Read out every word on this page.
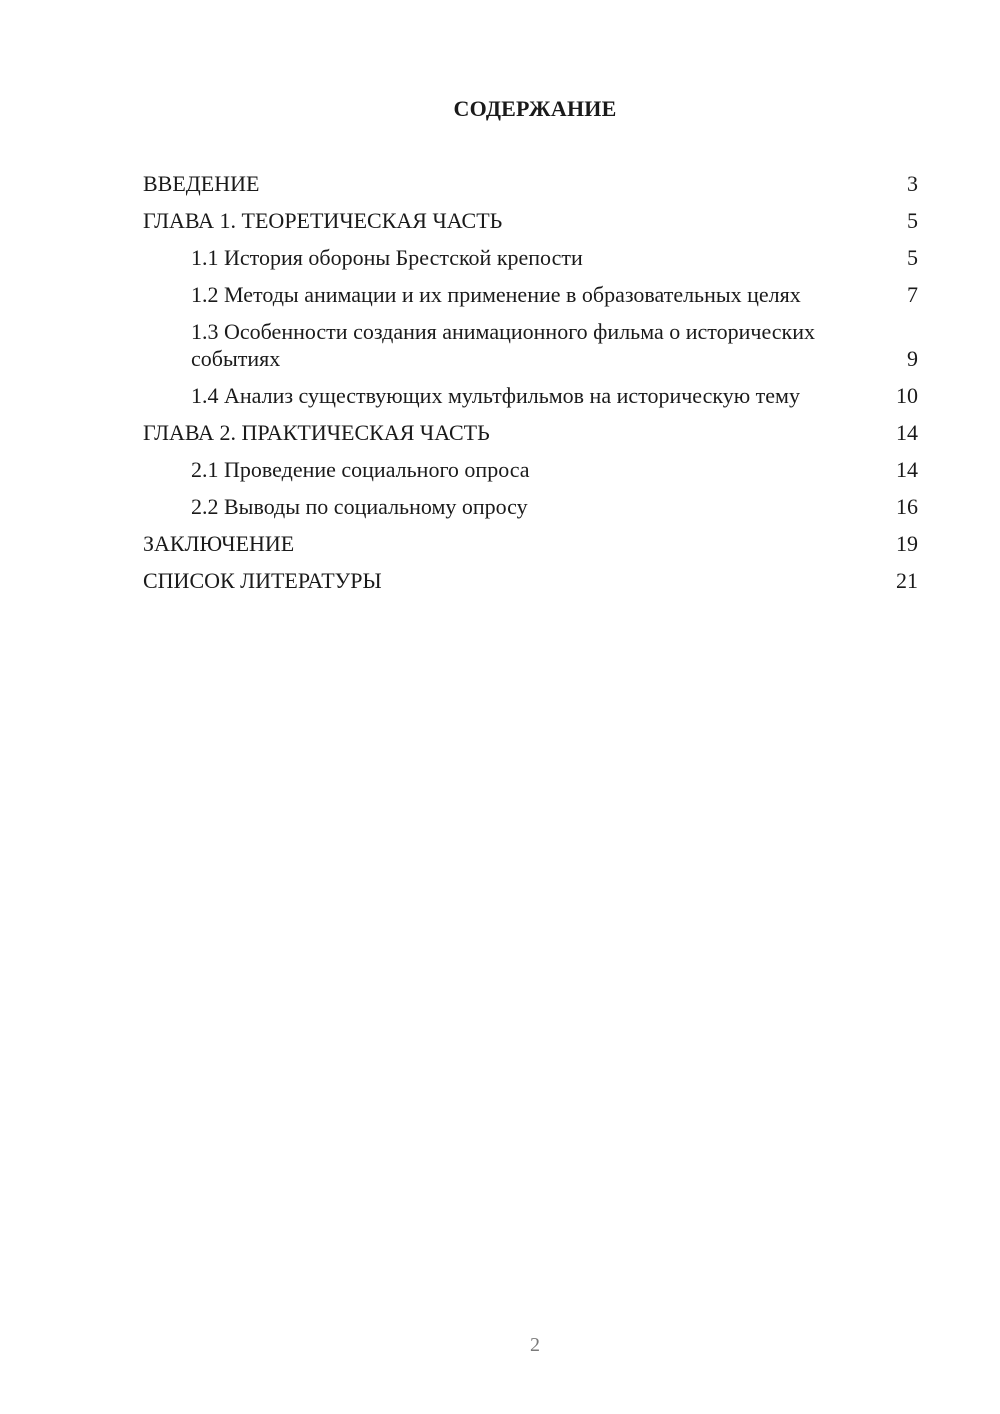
СОДЕРЖАНИЕ
ВВЕДЕНИЕ	3
ГЛАВА 1. ТЕОРЕТИЧЕСКАЯ ЧАСТЬ	5
1.1 История обороны Брестской крепости	5
1.2 Методы анимации и их применение в образовательных целях	7
1.3 Особенности создания анимационного фильма о исторических событиях	9
1.4 Анализ существующих мультфильмов на историческую тему	10
ГЛАВА 2. ПРАКТИЧЕСКАЯ ЧАСТЬ	14
2.1 Проведение социального опроса	14
2.2 Выводы по социальному опросу	16
ЗАКЛЮЧЕНИЕ	19
СПИСОК ЛИТЕРАТУРЫ	21
2
